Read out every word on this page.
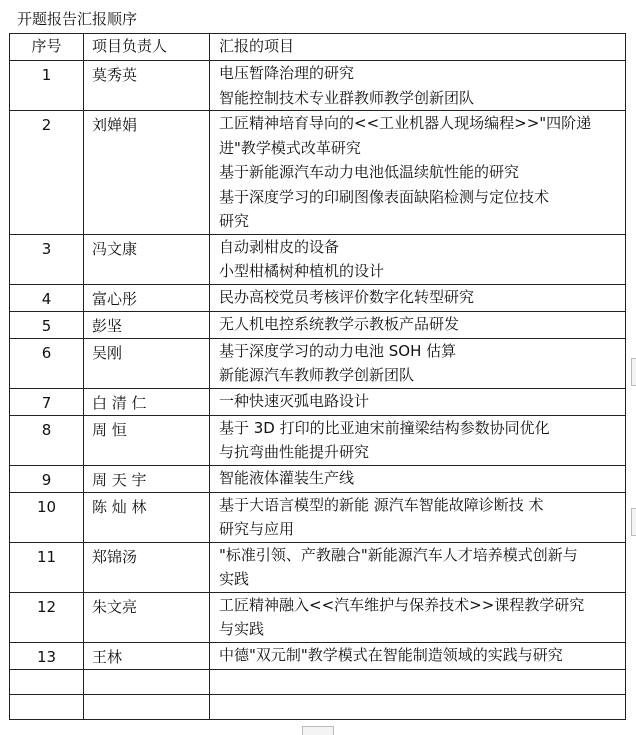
开题报告汇报顺序
序号	项目负责人	汇报的项目

1	莫秀英	电压暂降治理的研究
智能控制技术专业群教师教学创新团队

2	刘婵娟	工匠精神培育导向的<<工业机器人现场编程>>"四阶递
进"教学模式改革研究
基于新能源汽车动力电池低温续航性能的研究
基于深度学习的印刷图像表面缺陷检测与定位技术
研究

3	冯文康	自动剥柑皮的设备
小型柑橘树种植机的设计

4	富心彤	民办高校党员考核评价数字化转型研究

5	彭坚	无人机电控系统教学示教板产品研发

6	吴刚	基于深度学习的动力电池 SOH 估算
新能源汽车教师教学创新团队

7	白 清 仁	一种快速灭弧电路设计

8	周 恒	基于 3D 打印的比亚迪宋前撞梁结构参数协同优化
与抗弯曲性能提升研究

9	周 天 宇	智能液体灌装生产线

10	陈 灿 林	基于大语言模型的新能 源汽车智能故障诊断技 术
研究与应用

11	郑锦汤	"标准引领、产教融合"新能源汽车人才培养模式创新与
实践

12	朱文亮	工匠精神融入<<汽车维护与保养技术>>课程教学研究
与实践

13	王林	中德"双元制"教学模式在智能制造领域的实践与研究
